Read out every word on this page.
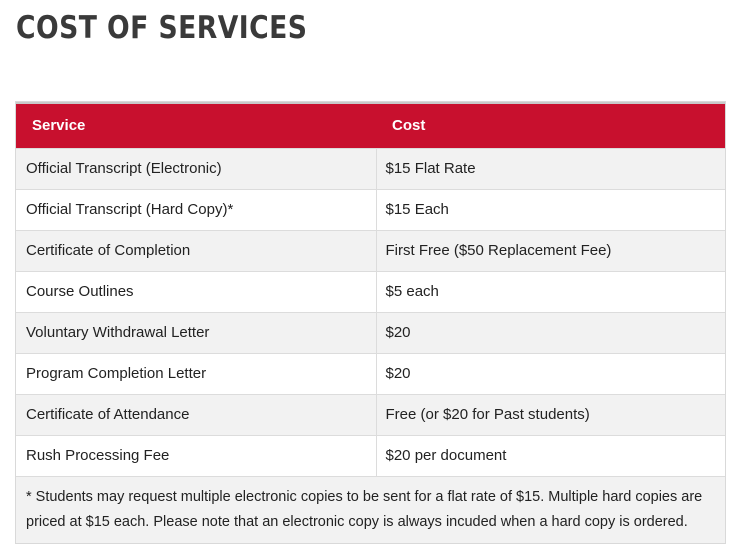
COST OF SERVICES
Service	Cost
Official Transcript (Electronic)	$15 Flat Rate
Official Transcript (Hard Copy)*	$15 Each
Certificate of Completion	First Free ($50 Replacement Fee)
Course Outlines	$5 each
Voluntary Withdrawal Letter	$20
Program Completion Letter	$20
Certificate of Attendance	Free (or $20 for Past students)
Rush Processing Fee	$20 per document
* Students may request multiple electronic copies to be sent for a flat rate of $15. Multiple hard copies are priced at $15 each. Please note that an electronic copy is always incuded when a hard copy is ordered.
